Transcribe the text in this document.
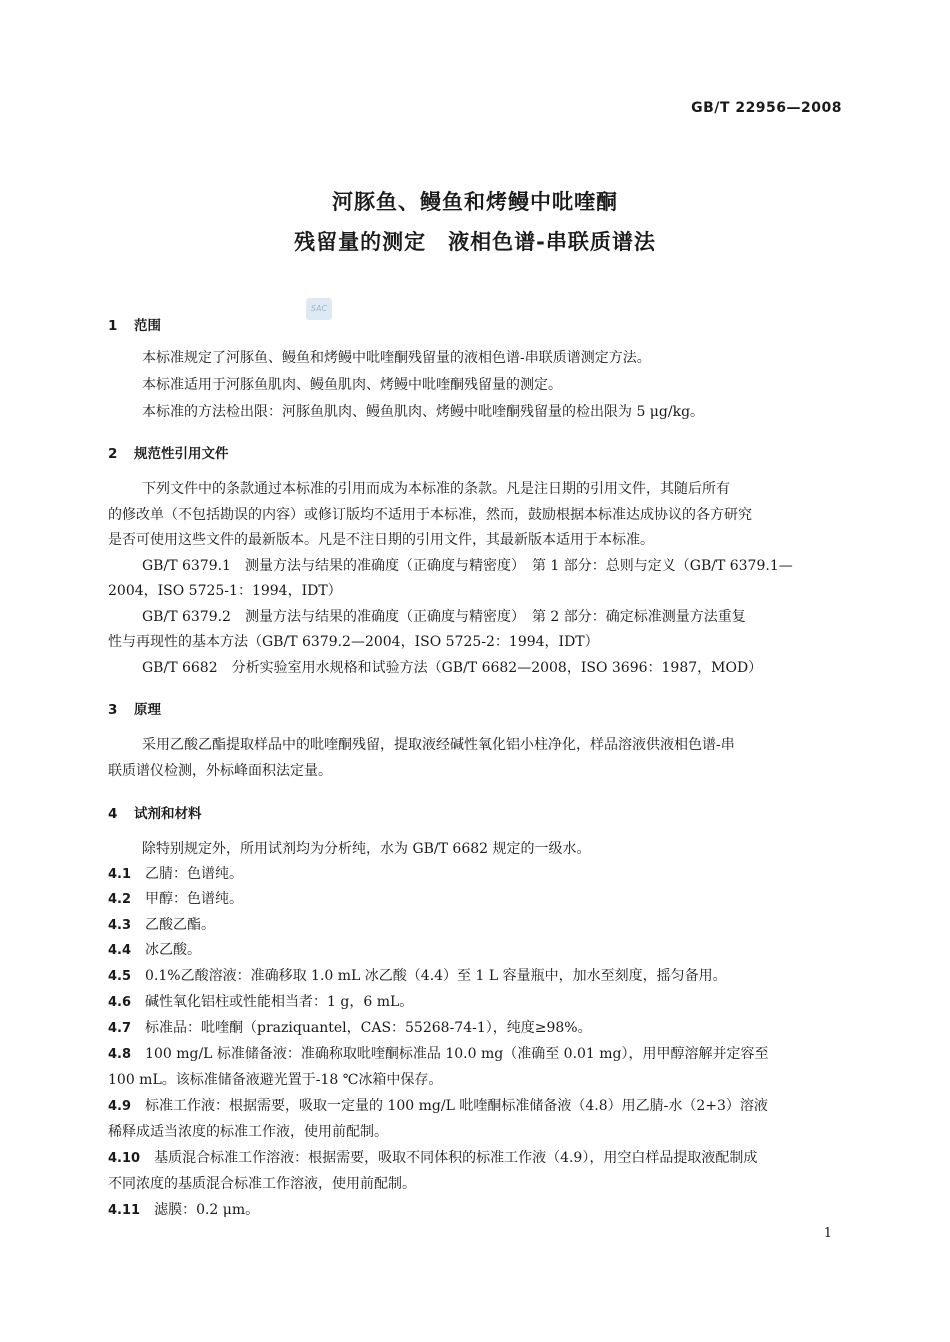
GB/T 22956—2008
河豚鱼、鳗鱼和烤鳗中吡喹酮
残留量的测定 液相色谱-串联质谱法
SAC
1 范围
本标准规定了河豚鱼、鳗鱼和烤鳗中吡喹酮残留量的液相色谱-串联质谱测定方法。
本标准适用于河豚鱼肌肉、鳗鱼肌肉、烤鳗中吡喹酮残留量的测定。
本标准的方法检出限：河豚鱼肌肉、鳗鱼肌肉、烤鳗中吡喹酮残留量的检出限为 5 μg/kg。
2 规范性引用文件
下列文件中的条款通过本标准的引用而成为本标准的条款。凡是注日期的引用文件，其随后所有
的修改单（不包括勘误的内容）或修订版均不适用于本标准，然而，鼓励根据本标准达成协议的各方研究
是否可使用这些文件的最新版本。凡是不注日期的引用文件，其最新版本适用于本标准。
GB/T 6379.1　测量方法与结果的准确度（正确度与精密度）　第 1 部分：总则与定义（GB/T 6379.1—
2004，ISO 5725-1：1994，IDT）
GB/T 6379.2　测量方法与结果的准确度（正确度与精密度）　第 2 部分：确定标准测量方法重复
性与再现性的基本方法（GB/T 6379.2—2004，ISO 5725-2：1994，IDT）
GB/T 6682　分析实验室用水规格和试验方法（GB/T 6682—2008，ISO 3696：1987，MOD）
3 原理
采用乙酸乙酯提取样品中的吡喹酮残留，提取液经碱性氧化铝小柱净化，样品溶液供液相色谱-串
联质谱仪检测，外标峰面积法定量。
4 试剂和材料
除特别规定外，所用试剂均为分析纯，水为 GB/T 6682 规定的一级水。
4.1 乙腈：色谱纯。
4.2 甲醇：色谱纯。
4.3 乙酸乙酯。
4.4 冰乙酸。
4.5 0.1%乙酸溶液：准确移取 1.0 mL 冰乙酸（4.4）至 1 L 容量瓶中，加水至刻度，摇匀备用。
4.6 碱性氧化铝柱或性能相当者：1 g，6 mL。
4.7 标准品：吡喹酮（praziquantel，CAS：55268-74-1），纯度≥98%。
4.8 100 mg/L 标准储备液：准确称取吡喹酮标准品 10.0 mg（准确至 0.01 mg），用甲醇溶解并定容至
100 mL。该标准储备液避光置于-18 ℃冰箱中保存。
4.9 标准工作液：根据需要，吸取一定量的 100 mg/L 吡喹酮标准储备液（4.8）用乙腈-水（2+3）溶液
稀释成适当浓度的标准工作液，使用前配制。
4.10 基质混合标准工作溶液：根据需要，吸取不同体积的标准工作液（4.9），用空白样品提取液配制成
不同浓度的基质混合标准工作溶液，使用前配制。
4.11 滤膜：0.2 μm。
1
